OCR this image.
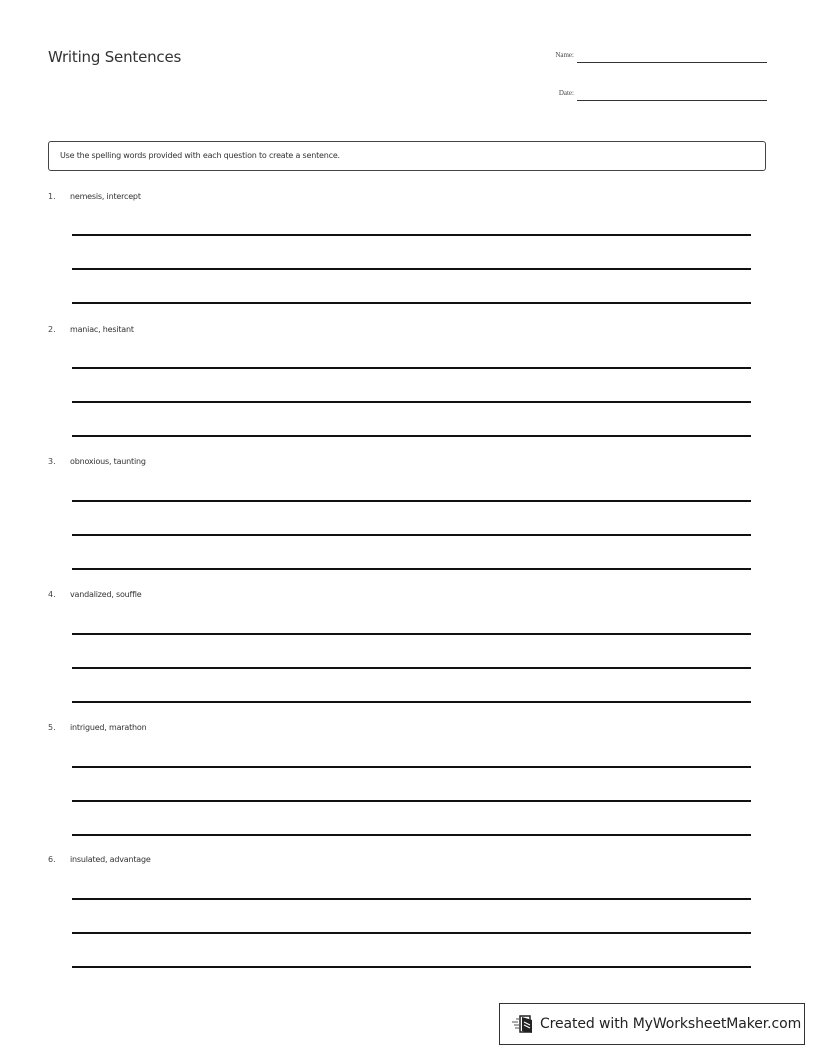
Writing Sentences	Name:
Date:
Use the spelling words provided with each question to create a sentence.
1. nemesis, intercept
2. maniac, hesitant
3. obnoxious, taunting
4. vandalized, souffle
5. intrigued, marathon
6. insulated, advantage
Created with MyWorksheetMaker.com
